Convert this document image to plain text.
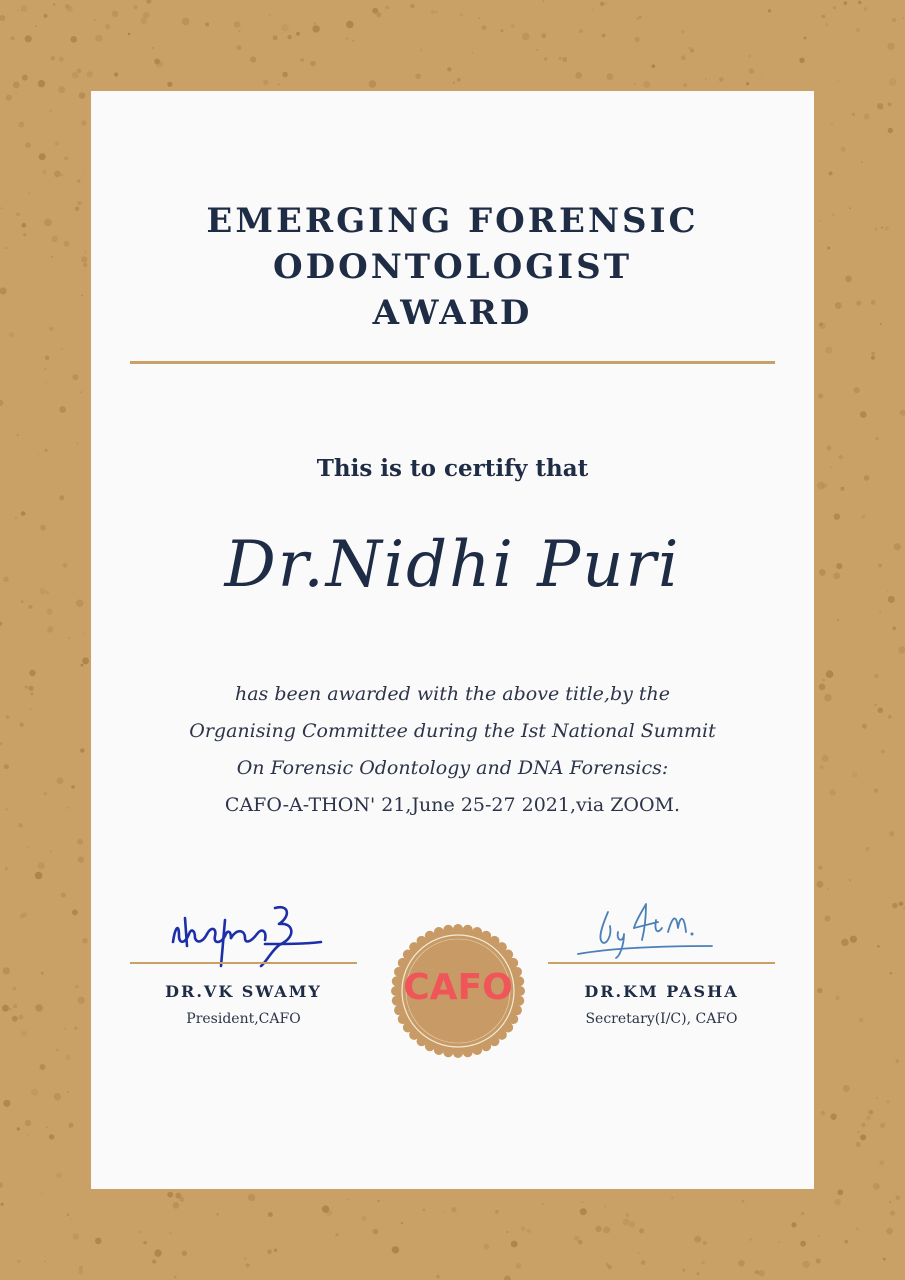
EMERGING FORENSIC
ODONTOLOGIST
AWARD
This is to certify that
Dr.Nidhi Puri
has been awarded with the above title,by the
Organising Committee during the Ist National Summit
On Forensic Odontology and DNA Forensics:
CAFO-A-THON' 21,June 25-27 2021,via ZOOM.
DR.VK SWAMY
President,CAFO
CAFO	DR.KM PASHA
Secretary(I/C), CAFO
